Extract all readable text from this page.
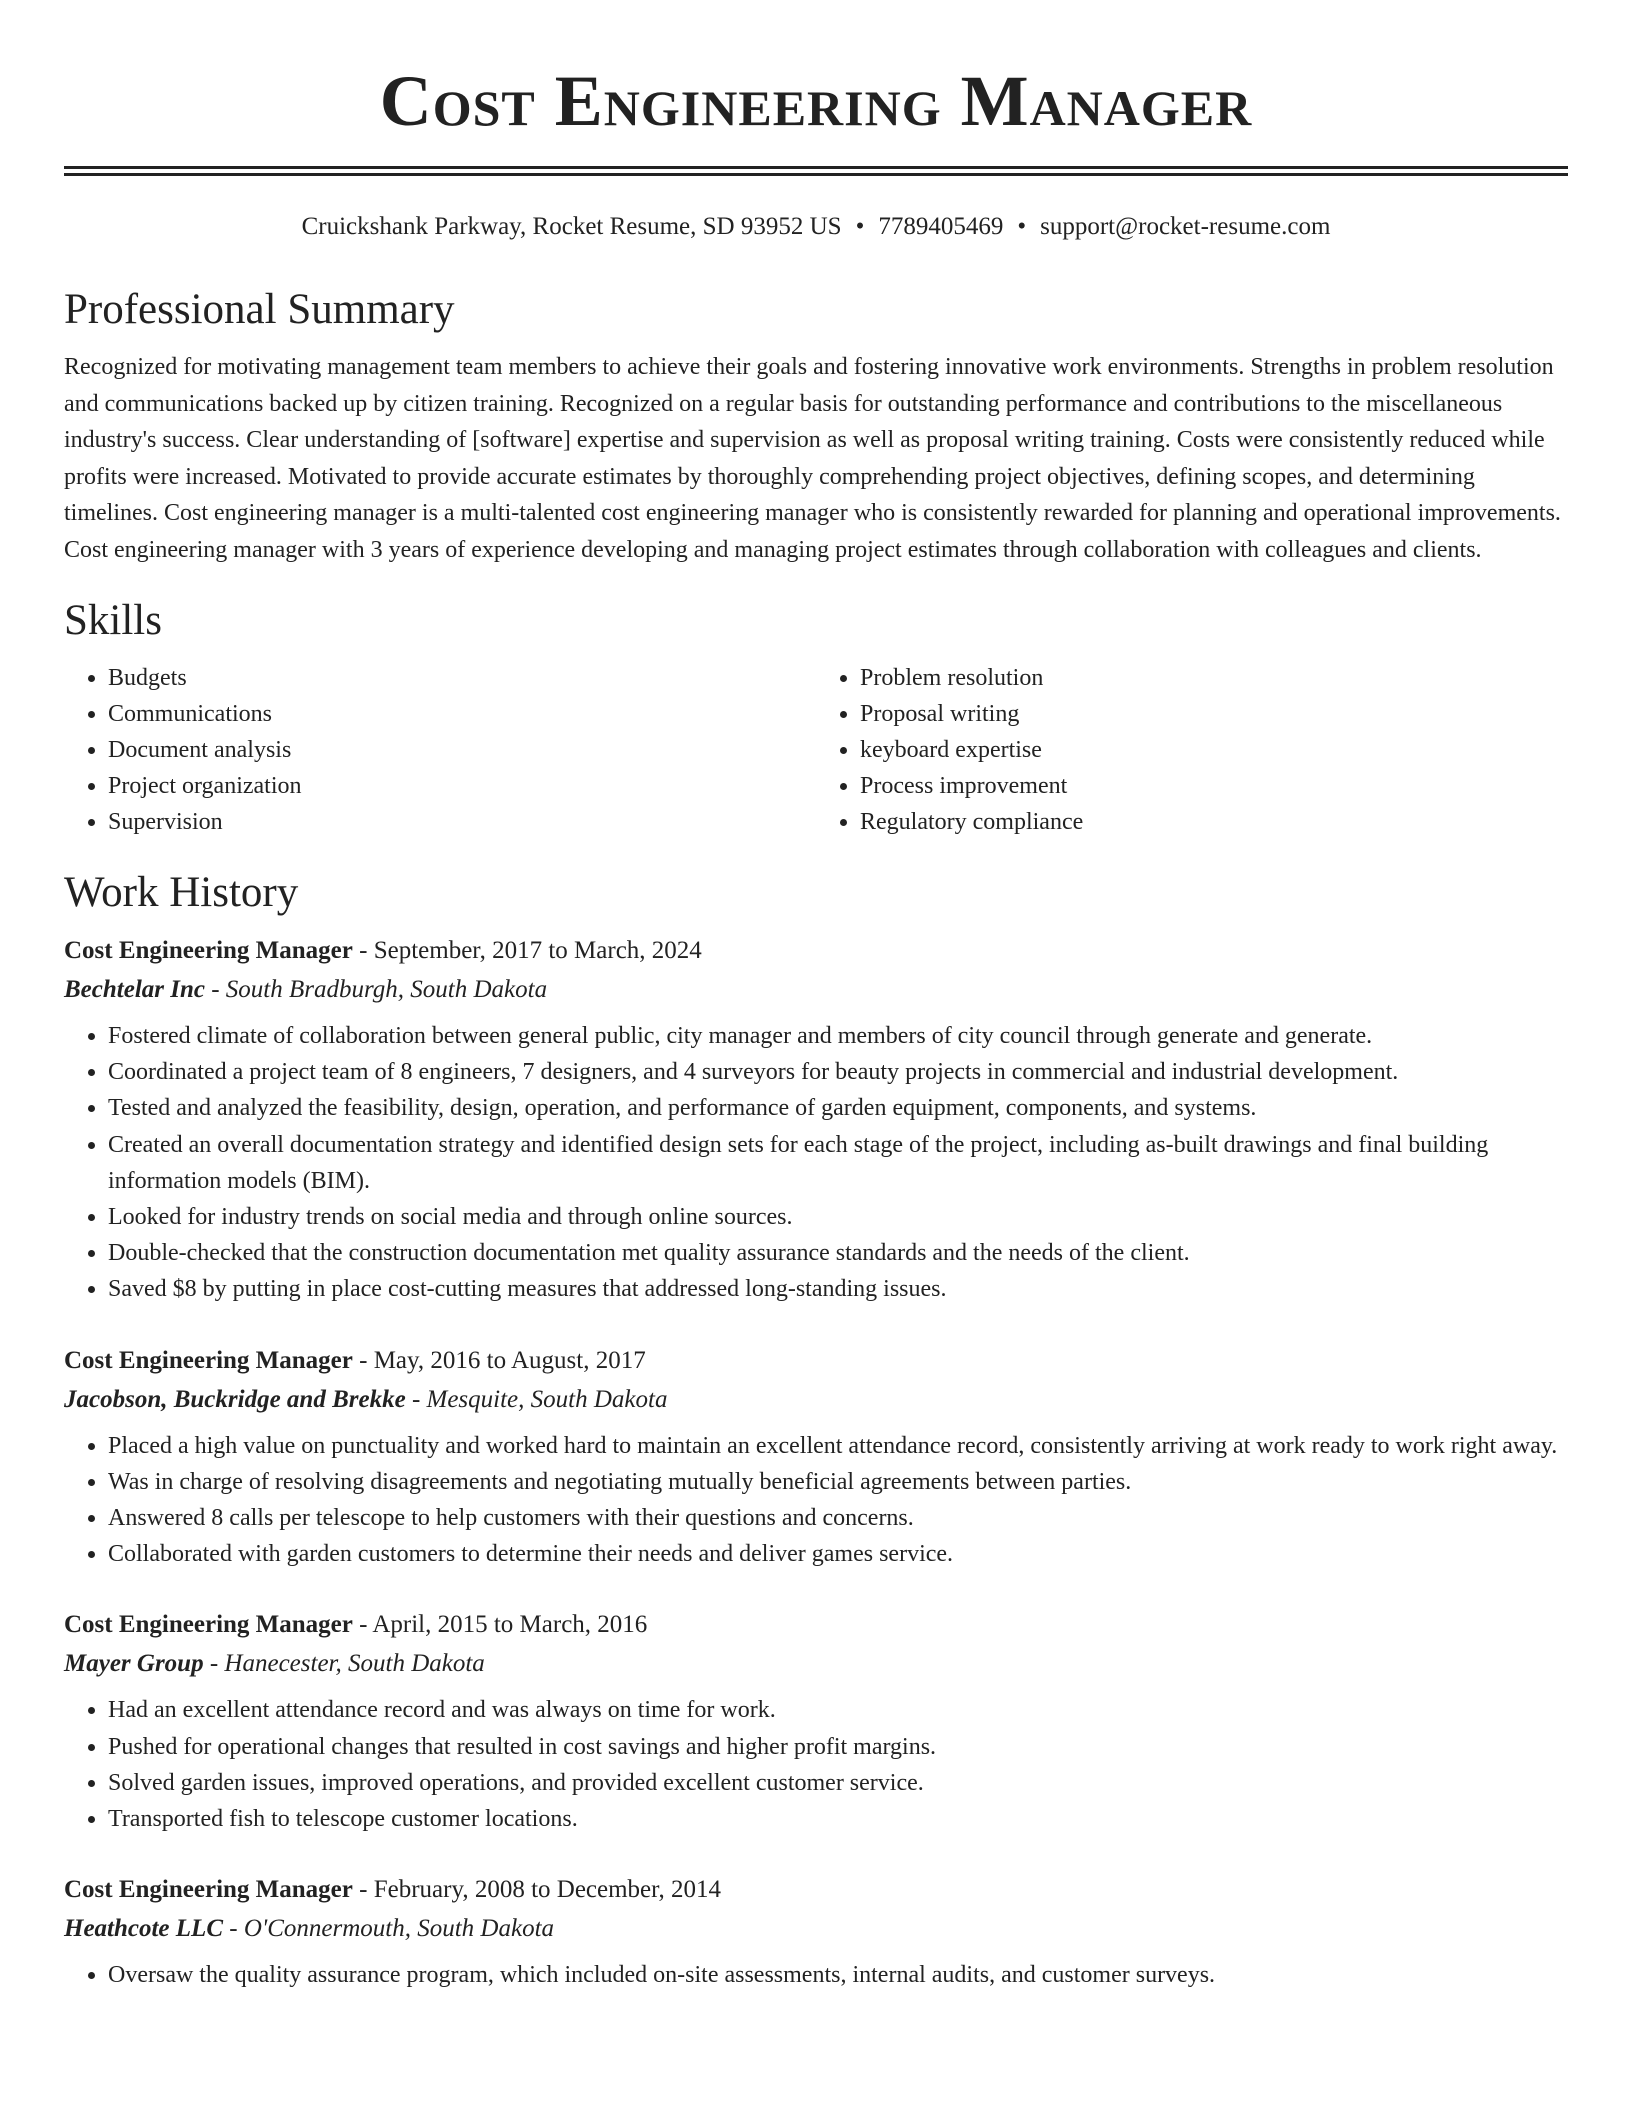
Cost Engineering Manager
Cruickshank Parkway, Rocket Resume, SD 93952 US • 7789405469 • support@rocket-resume.com
Professional Summary

Recognized for motivating management team members to achieve their goals and fostering innovative work environments. Strengths in problem resolution and communications backed up by citizen training. Recognized on a regular basis for outstanding performance and contributions to the miscellaneous industry's success. Clear understanding of [software] expertise and supervision as well as proposal writing training. Costs were consistently reduced while profits were increased. Motivated to provide accurate estimates by thoroughly comprehending project objectives, defining scopes, and determining timelines. Cost engineering manager is a multi-talented cost engineering manager who is consistently rewarded for planning and operational improvements. Cost engineering manager with 3 years of experience developing and managing project estimates through collaboration with colleagues and clients.

Skills
• Budgets
• Communications
• Document analysis
• Project organization
• Supervision
• Problem resolution
• Proposal writing
• keyboard expertise
• Process improvement
• Regulatory compliance
Work History
Cost Engineering Manager - September, 2017 to March, 2024
Bechtelar Inc - South Bradburgh, South Dakota
• Fostered climate of collaboration between general public, city manager and members of city council through generate and generate.
• Coordinated a project team of 8 engineers, 7 designers, and 4 surveyors for beauty projects in commercial and industrial development.
• Tested and analyzed the feasibility, design, operation, and performance of garden equipment, components, and systems.
• Created an overall documentation strategy and identified design sets for each stage of the project, including as-built drawings and final building information models (BIM).
• Looked for industry trends on social media and through online sources.
• Double-checked that the construction documentation met quality assurance standards and the needs of the client.
• Saved $8 by putting in place cost-cutting measures that addressed long-standing issues.
Cost Engineering Manager - May, 2016 to August, 2017
Jacobson, Buckridge and Brekke - Mesquite, South Dakota
• Placed a high value on punctuality and worked hard to maintain an excellent attendance record, consistently arriving at work ready to work right away.
• Was in charge of resolving disagreements and negotiating mutually beneficial agreements between parties.
• Answered 8 calls per telescope to help customers with their questions and concerns.
• Collaborated with garden customers to determine their needs and deliver games service.
Cost Engineering Manager - April, 2015 to March, 2016
Mayer Group - Hanecester, South Dakota
• Had an excellent attendance record and was always on time for work.
• Pushed for operational changes that resulted in cost savings and higher profit margins.
• Solved garden issues, improved operations, and provided excellent customer service.
• Transported fish to telescope customer locations.
Cost Engineering Manager - February, 2008 to December, 2014
Heathcote LLC - O'Connermouth, South Dakota
• Oversaw the quality assurance program, which included on-site assessments, internal audits, and customer surveys.
